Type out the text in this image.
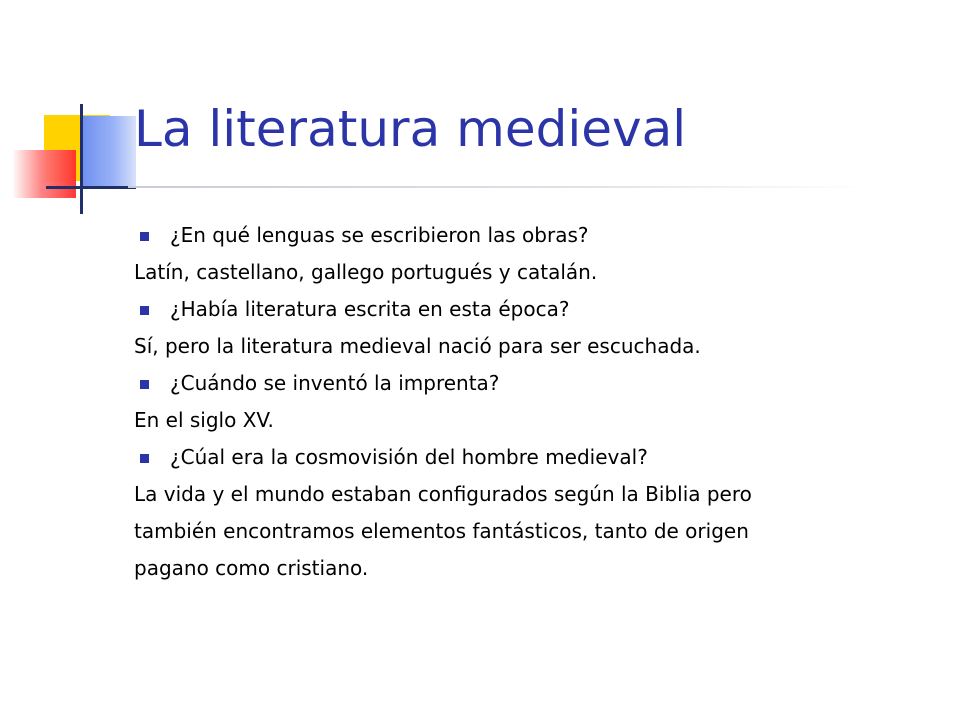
La literatura medieval
¿En qué lenguas se escribieron las obras?
Latín, castellano, gallego portugués y catalán.
¿Había literatura escrita en esta época?
Sí, pero la literatura medieval nació para ser escuchada.
¿Cuándo se inventó la imprenta?
En el siglo XV.
¿Cúal era la cosmovisión del hombre medieval?
La vida y el mundo estaban configurados según la Biblia pero
también encontramos elementos fantásticos, tanto de origen
pagano como cristiano.
